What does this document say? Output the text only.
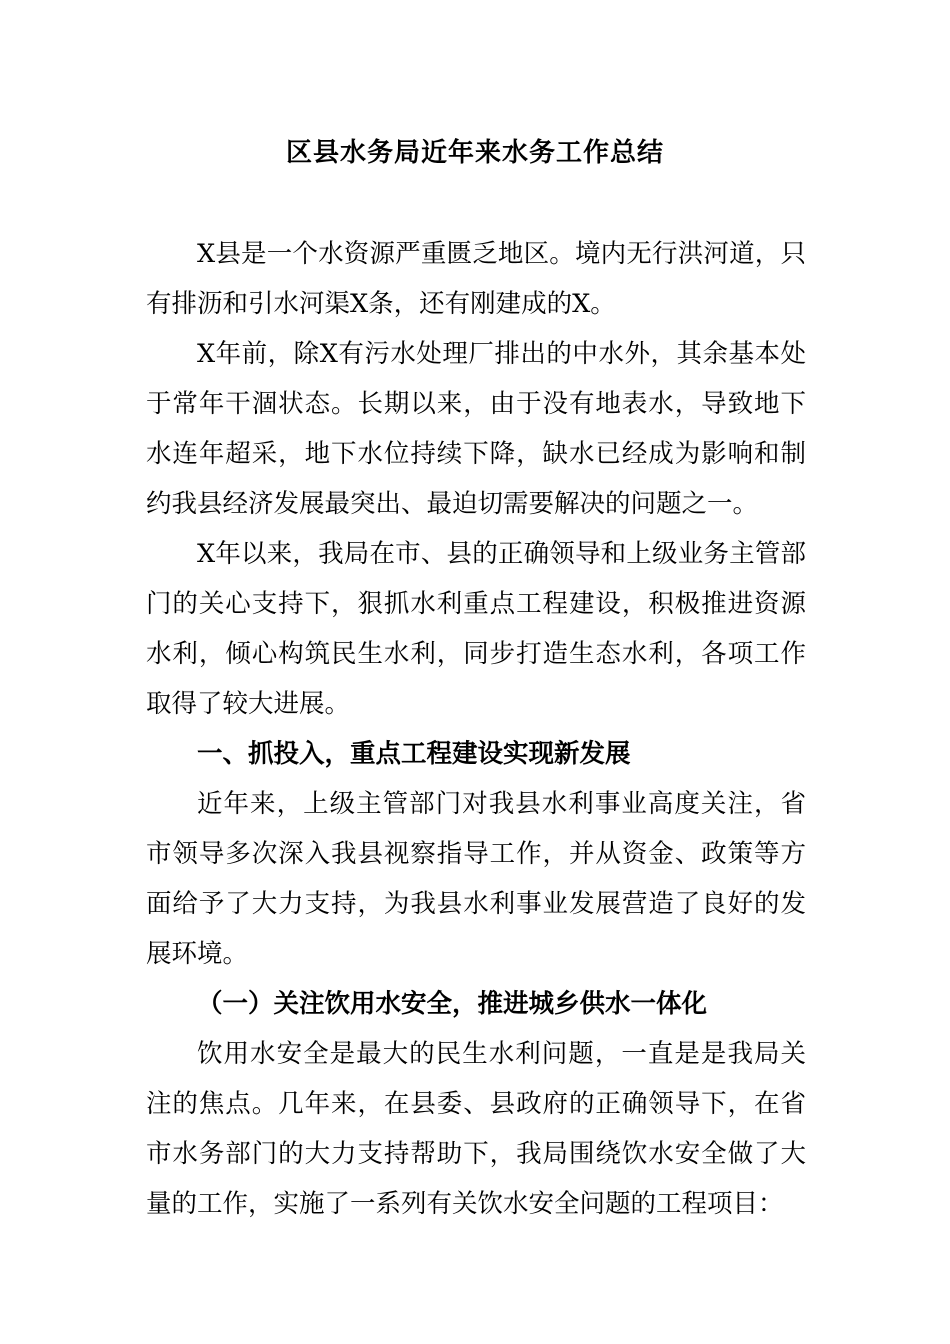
区县水务局近年来水务工作总结

X县是一个水资源严重匮乏地区。境内无行洪河道，只有排沥和引水河渠X条，还有刚建成的X。

X年前，除X有污水处理厂排出的中水外，其余基本处于常年干涸状态。长期以来，由于没有地表水，导致地下水连年超采，地下水位持续下降，缺水已经成为影响和制约我县经济发展最突出、最迫切需要解决的问题之一。

X年以来，我局在市、县的正确领导和上级业务主管部门的关心支持下，狠抓水利重点工程建设，积极推进资源水利，倾心构筑民生水利，同步打造生态水利，各项工作取得了较大进展。

一、抓投入，重点工程建设实现新发展

近年来，上级主管部门对我县水利事业高度关注，省市领导多次深入我县视察指导工作，并从资金、政策等方面给予了大力支持，为我县水利事业发展营造了良好的发展环境。

（一）关注饮用水安全，推进城乡供水一体化

饮用水安全是最大的民生水利问题，一直是是我局关注的焦点。几年来，在县委、县政府的正确领导下，在省市水务部门的大力支持帮助下，我局围绕饮水安全做了大量的工作，实施了一系列有关饮水安全问题的工程项目：
